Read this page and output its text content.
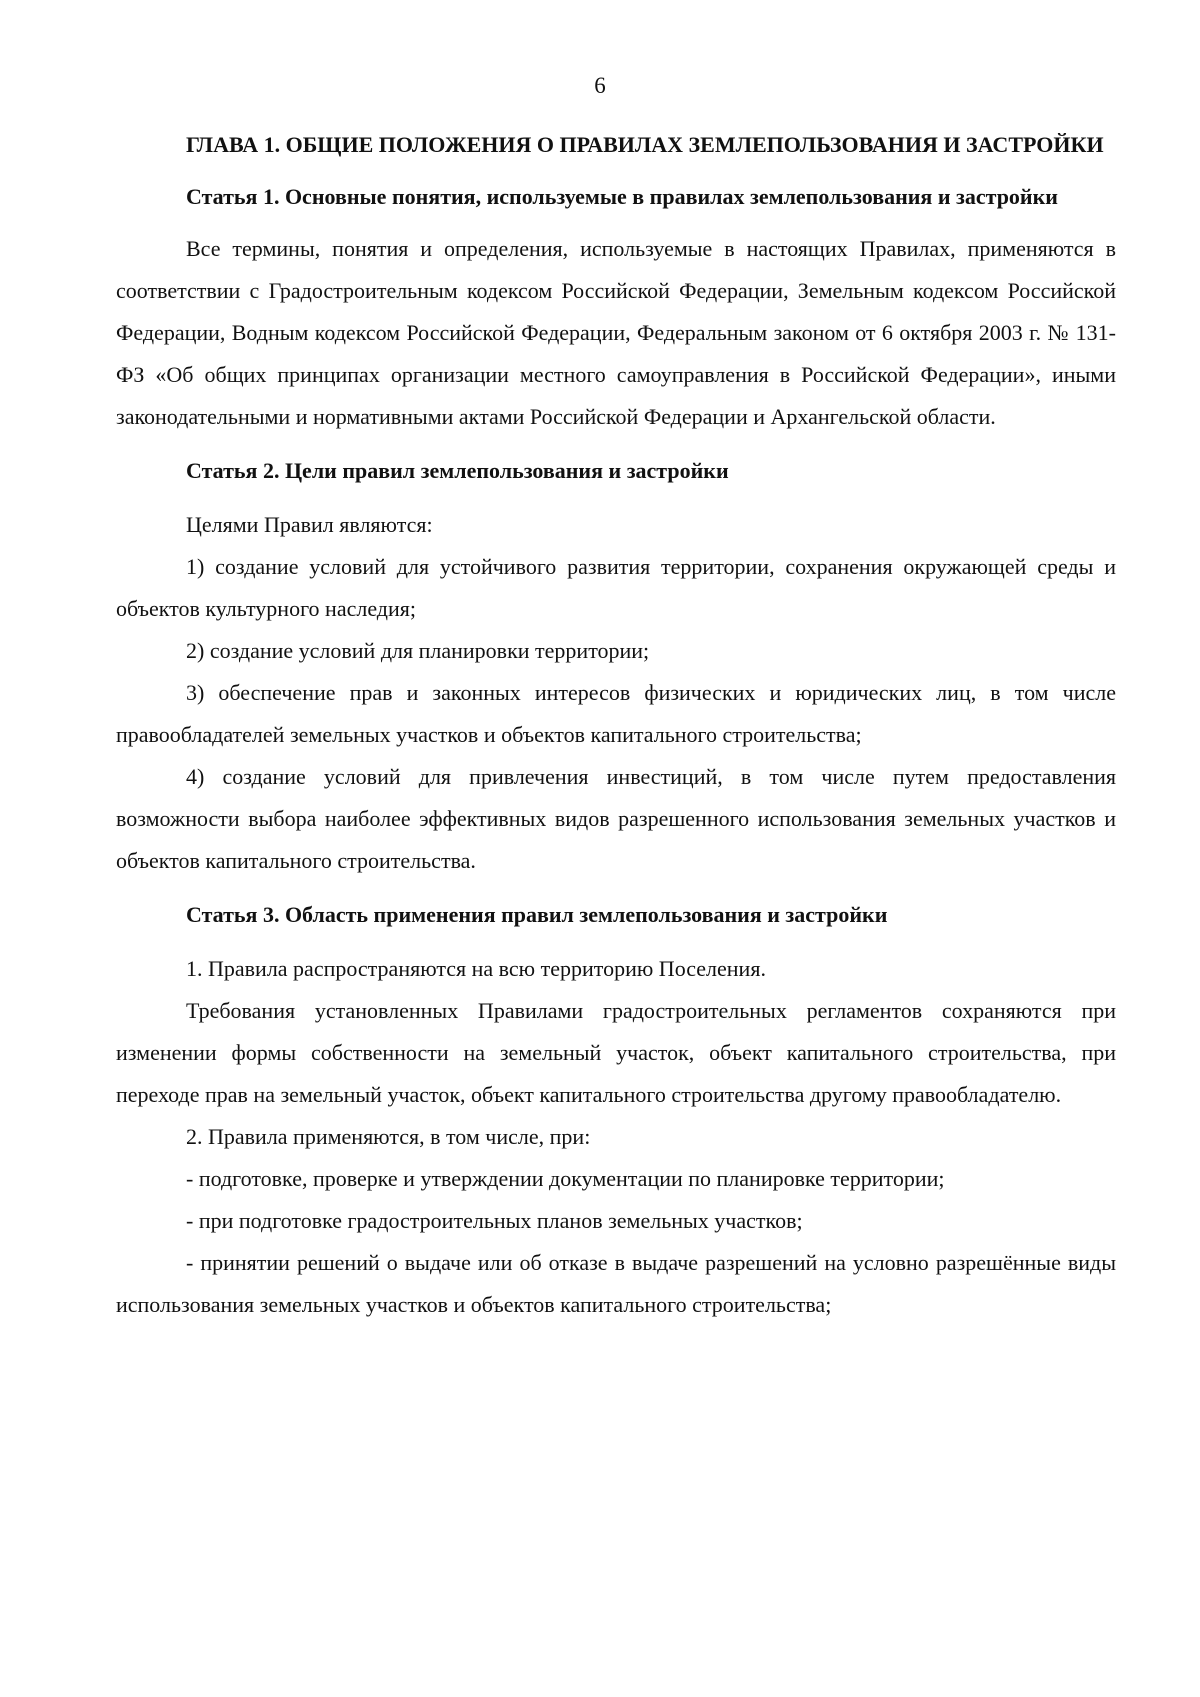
6

ГЛАВА 1. ОБЩИЕ ПОЛОЖЕНИЯ О ПРАВИЛАХ ЗЕМЛЕПОЛЬЗОВАНИЯ И ЗАСТРОЙКИ

Статья 1. Основные понятия, используемые в правилах землепользования и застройки

Все термины, понятия и определения, используемые в настоящих Правилах, применяются в соответствии с Градостроительным кодексом Российской Федерации, Земельным кодексом Российской Федерации, Водным кодексом Российской Федерации, Федеральным законом от 6 октября 2003 г. № 131-ФЗ «Об общих принципах организации местного самоуправления в Российской Федерации», иными законодательными и нормативными актами Российской Федерации и Архангельской области.

Статья 2. Цели правил землепользования и застройки

Целями Правил являются:

1) создание условий для устойчивого развития территории, сохранения окружающей среды и объектов культурного наследия;

2) создание условий для планировки территории;

3) обеспечение прав и законных интересов физических и юридических лиц, в том числе правообладателей земельных участков и объектов капитального строительства;

4) создание условий для привлечения инвестиций, в том числе путем предоставления возможности выбора наиболее эффективных видов разрешенного использования земельных участков и объектов капитального строительства.

Статья 3. Область применения правил землепользования и застройки

1. Правила распространяются на всю территорию Поселения.

Требования установленных Правилами градостроительных регламентов сохраняются при изменении формы собственности на земельный участок, объект капитального строительства, при переходе прав на земельный участок, объект капитального строительства другому правообладателю.

2. Правила применяются, в том числе, при:

- подготовке, проверке и утверждении документации по планировке территории;

- при подготовке градостроительных планов земельных участков;

- принятии решений о выдаче или об отказе в выдаче разрешений на условно разрешённые виды использования земельных участков и объектов капитального строительства;
